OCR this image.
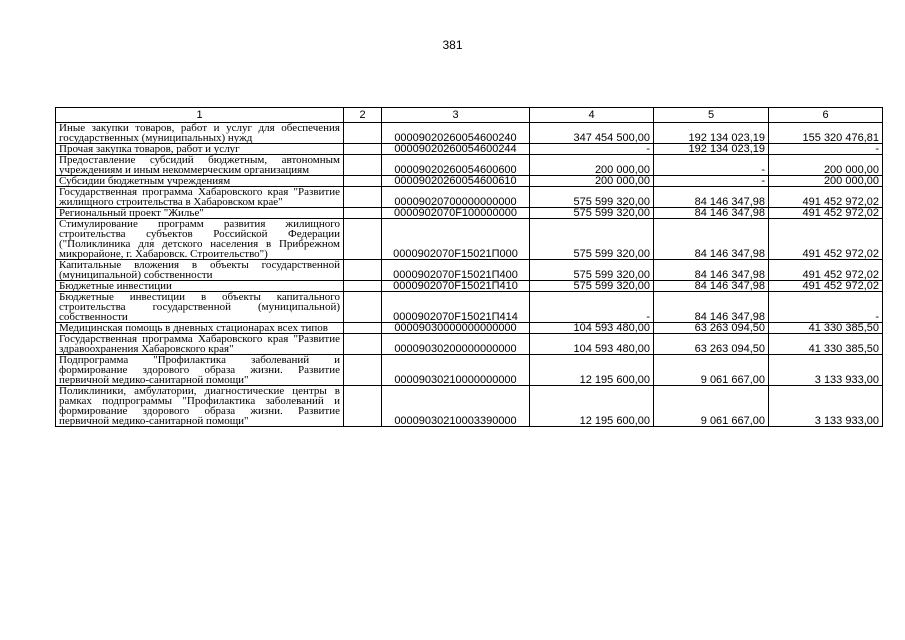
381
1	2	3	4	5	6
Иные закупки товаров, работ и услуг для обеспечения государственных (муниципальных) нужд		00009020260054600240	347 454 500,00	192 134 023,19	155 320 476,81
Прочая закупка товаров, работ и услуг		00009020260054600244	-	192 134 023,19	-
Предоставление субсидий бюджетным, автономным учреждениям и иным некоммерческим организациям		00009020260054600600	200 000,00	-	200 000,00
Субсидии бюджетным учреждениям		00009020260054600610	200 000,00	-	200 000,00
Государственная программа Хабаровского края "Развитие жилищного строительства в Хабаровском крае"		00009020700000000000	575 599 320,00	84 146 347,98	491 452 972,02
Региональный проект "Жилье"		0000902070F100000000	575 599 320,00	84 146 347,98	491 452 972,02
Стимулирование программ развития жилищного строительства субъектов Российской Федерации ("Поликлиника для детского населения в Прибрежном микрорайоне, г. Хабаровск. Строительство")		0000902070F15021П000	575 599 320,00	84 146 347,98	491 452 972,02
Капитальные вложения в объекты государственной (муниципальной) собственности		0000902070F15021П400	575 599 320,00	84 146 347,98	491 452 972,02
Бюджетные инвестиции		0000902070F15021П410	575 599 320,00	84 146 347,98	491 452 972,02
Бюджетные инвестиции в объекты капитального строительства государственной (муниципальной) собственности		0000902070F15021П414	-	84 146 347,98	-
Медицинская помощь в дневных стационарах всех типов		00009030000000000000	104 593 480,00	63 263 094,50	41 330 385,50
Государственная программа Хабаровского края "Развитие здравоохранения Хабаровского края"		00009030200000000000	104 593 480,00	63 263 094,50	41 330 385,50
Подпрограмма "Профилактика заболеваний и формирование здорового образа жизни. Развитие первичной медико-санитарной помощи"		00009030210000000000	12 195 600,00	9 061 667,00	3 133 933,00
Поликлиники, амбулатории, диагностические центры в рамках подпрограммы "Профилактика заболеваний и формирование здорового образа жизни. Развитие первичной медико-санитарной помощи"		00009030210003390000	12 195 600,00	9 061 667,00	3 133 933,00
